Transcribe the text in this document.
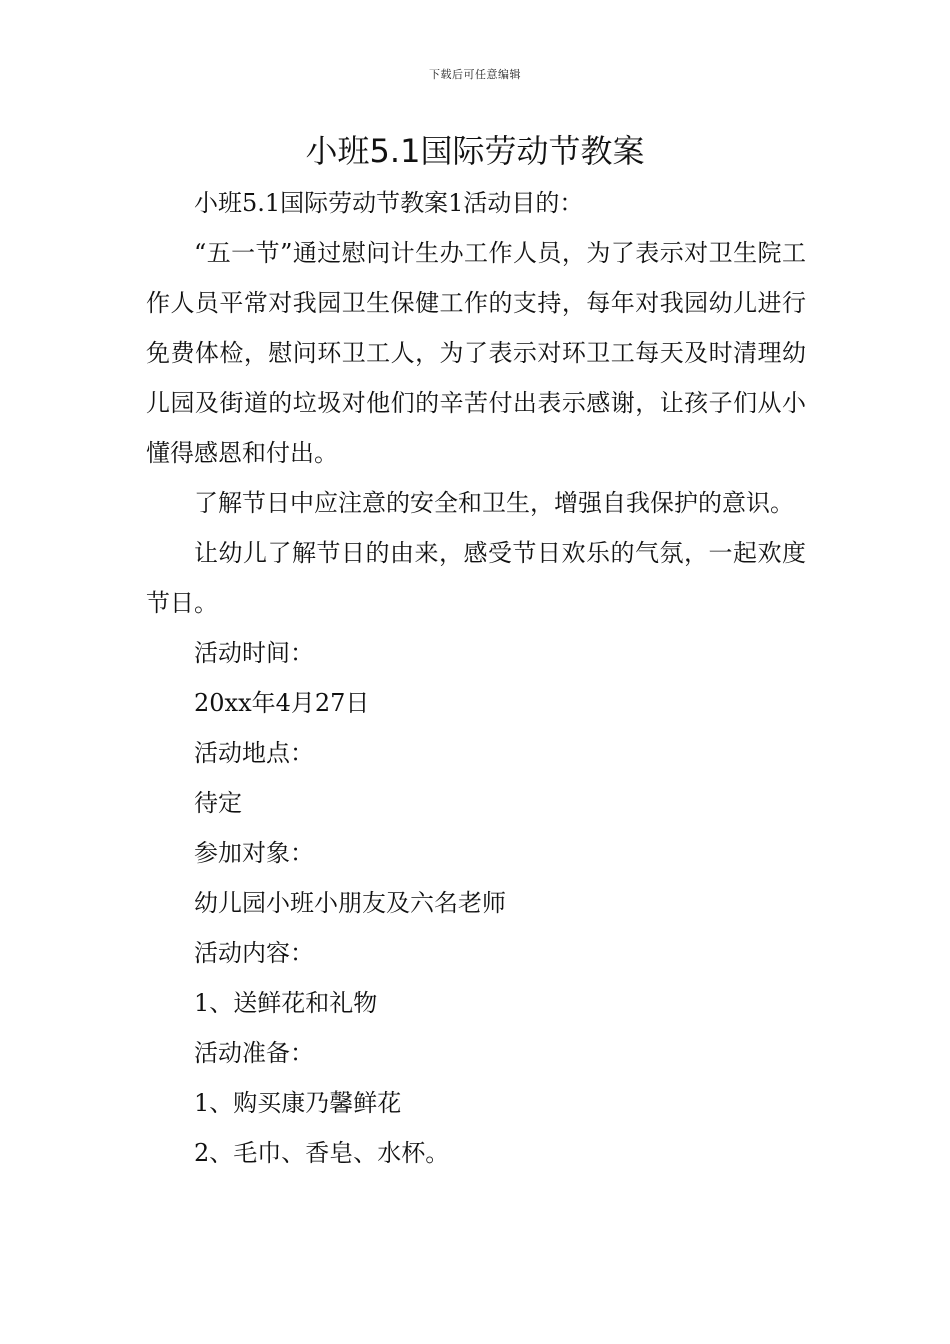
下载后可任意编辑
小班5.1国际劳动节教案

小班5.1国际劳动节教案1活动目的：

“五一节”通过慰问计生办工作人员，为了表示对卫生院工作人员平常对我园卫生保健工作的支持，每年对我园幼儿进行免费体检，慰问环卫工人，为了表示对环卫工每天及时清理幼儿园及街道的垃圾对他们的辛苦付出表示感谢，让孩子们从小懂得感恩和付出。

了解节日中应注意的安全和卫生，增强自我保护的意识。

让幼儿了解节日的由来，感受节日欢乐的气氛，一起欢度节日。

活动时间：

20xx年4月27日

活动地点：

待定

参加对象：

幼儿园小班小朋友及六名老师

活动内容：

1、送鲜花和礼物

活动准备：

1、购买康乃馨鲜花

2、毛巾、香皂、水杯。
